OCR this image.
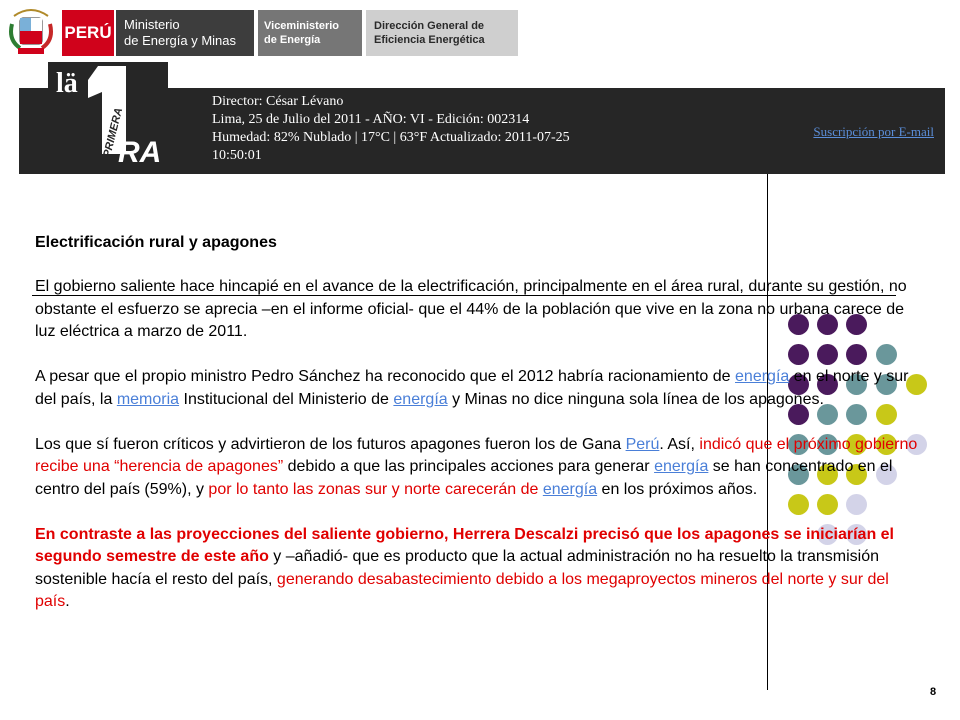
PERÚ Ministerio
de Energía y Minas
Viceministerio
de Energía
Dirección General de
Eficiencia Energética
lä
PRIMERA
RA
Director: César Lévano
Lima, 25 de Julio del 2011 - AÑO: VI - Edición: 002314
Humedad: 82% Nublado | 17°C | 63°F Actualizado: 2011-07-25
10:50:01
Suscripción por E-mail
Electrificación rural y apagones

El gobierno saliente hace hincapié en el avance de la electrificación, principalmente en el área rural, durante su gestión, no obstante el esfuerzo se aprecia –en el informe oficial- que el 44% de la población que vive en la zona no urbana carece de luz eléctrica a marzo de 2011.

A pesar que el propio ministro Pedro Sánchez ha reconocido que el 2012 habría racionamiento de energía en el norte y sur del país, la memoria Institucional del Ministerio de energía y Minas no dice ninguna sola línea de los apagones.

Los que sí fueron críticos y advirtieron de los futuros apagones fueron los de Gana Perú. Así, indicó que el próximo gobierno recibe una “herencia de apagones” debido a que las principales acciones para generar energía se han concentrado en el centro del país (59%), y por lo tanto las zonas sur y norte carecerán de energía en los próximos años.

En contraste a las proyecciones del saliente gobierno, Herrera Descalzi precisó que los apagones se iniciarían el segundo semestre de este año y –añadió- que es producto que la actual administración no ha resuelto la transmisión sostenible hacía el resto del país, generando desabastecimiento debido a los megaproyectos mineros del norte y sur del país.

8
